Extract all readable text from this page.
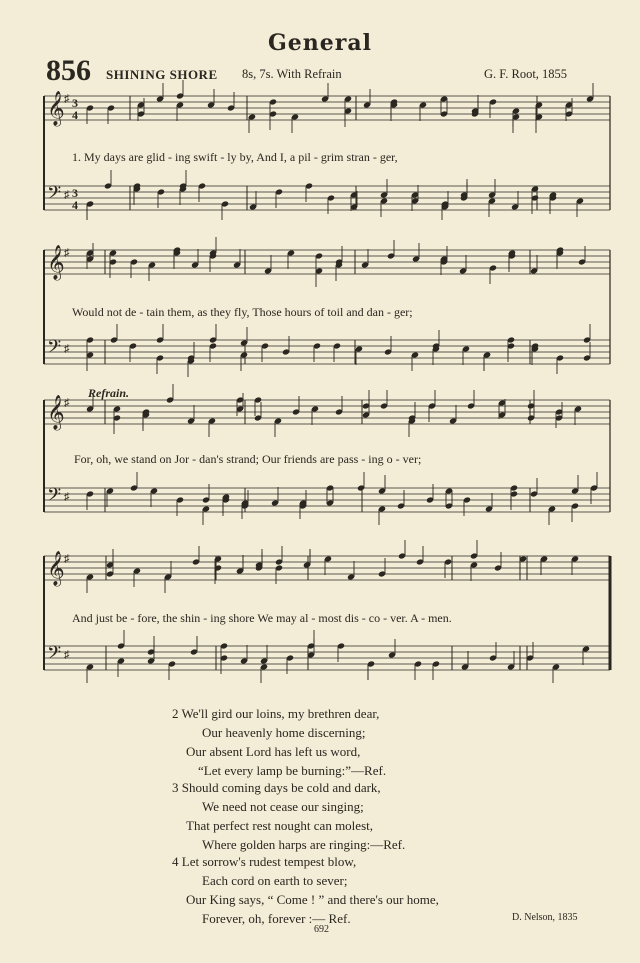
General
856 SHINING SHORE 8s, 7s. With Refrain	G. F. Root, 1855
𝄞 ♯ 3
4
𝄢 ♯ 3
4
𝄞 ♯
𝄢 ♯
𝄞 ♯
𝄢 ♯
𝄞 ♯
𝄢 ♯
1. My days are glid - ing swift - ly by, And I, a pil - grim stran - ger,
Would not de - tain them, as they fly, Those hours of toil and dan - ger;
Refrain.
For, oh, we stand on Jor - dan's strand; Our friends are pass - ing o - ver;
And just be - fore, the shin - ing shore We may al - most dis - co - ver. A - men.
2 We'll gird our loins, my brethren dear,
Our heavenly home discerning;
Our absent Lord has left us word,
“Let every lamp be burning:”—Ref.
3 Should coming days be cold and dark,
We need not cease our singing;
That perfect rest nought can molest,
Where golden harps are ringing:—Ref.
4 Let sorrow's rudest tempest blow,
Each cord on earth to sever;
Our King says, “ Come ! ” and there's our home,
Forever, oh, forever :— Ref.
692
D. Nelson, 1835
